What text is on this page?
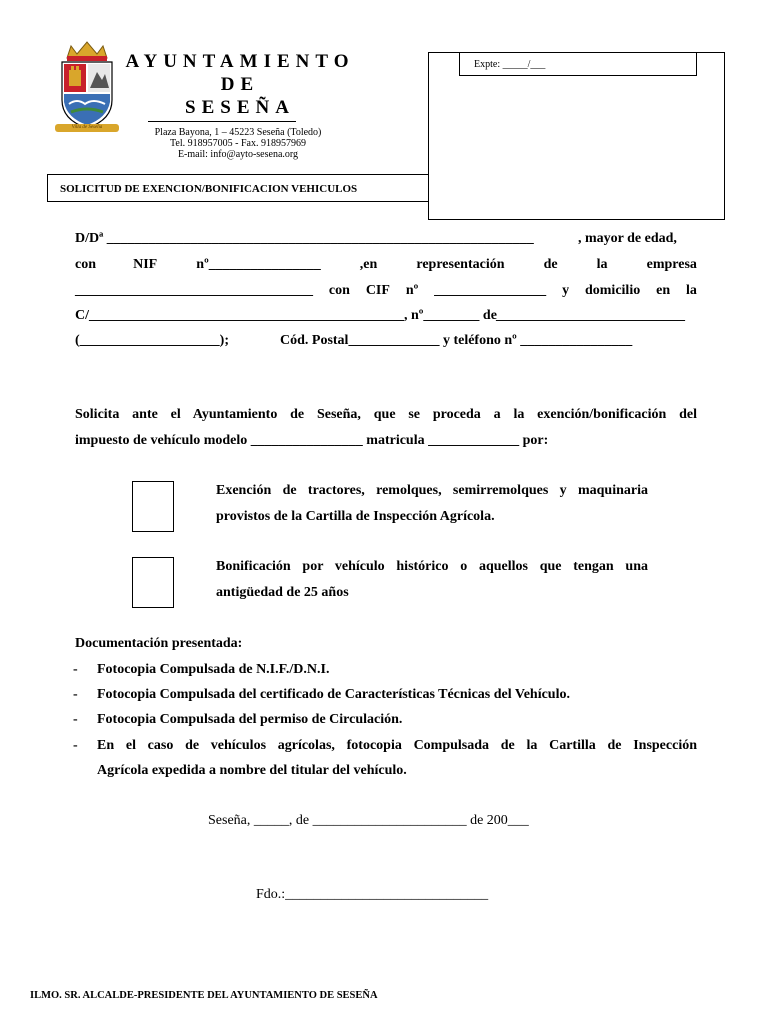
Villa de Seseña
AYUNTAMIENTO
DE
SESEÑA
Plaza Bayona, 1 – 45223 Seseña (Toledo)
Tel. 918957005 - Fax. 918957969
E-mail: info@ayto-sesena.org
Expte: _____/___
SOLICITUD DE EXENCION/BONIFICACION VEHICULOS
D/Dª _____________________________________________________________	, mayor de edad,
con	NIF	nº________________	,en	representación	de	la	empresa
__________________________________ con CIF nº ________________ y domicilio en la
C/_____________________________________________, nº________ de ___________________________
(____________________);	Cód. Postal_____________ y teléfono nº ________________
Solicita ante el Ayuntamiento de Seseña, que se proceda a la exención/bonificación del
impuesto de vehículo modelo ________________ matricula _____________ por:
Exención de tractores, remolques, semirremolques y maquinaria
provistos de la Cartilla de Inspección Agrícola.
Bonificación por vehículo histórico o aquellos que tengan una
antigüedad de 25 años
Documentación presentada:
- Fotocopia Compulsada de N.I.F./D.N.I.
- Fotocopia Compulsada del certificado de Características Técnicas del Vehículo.
- Fotocopia Compulsada del permiso de Circulación.
- En el caso de vehículos agrícolas, fotocopia Compulsada de la Cartilla de Inspección
Agrícola expedida a nombre del titular del vehículo.
Seseña, _____, de ______________________ de 200___
Fdo.:_____________________________
ILMO. SR. ALCALDE-PRESIDENTE DEL AYUNTAMIENTO DE SESEÑA
